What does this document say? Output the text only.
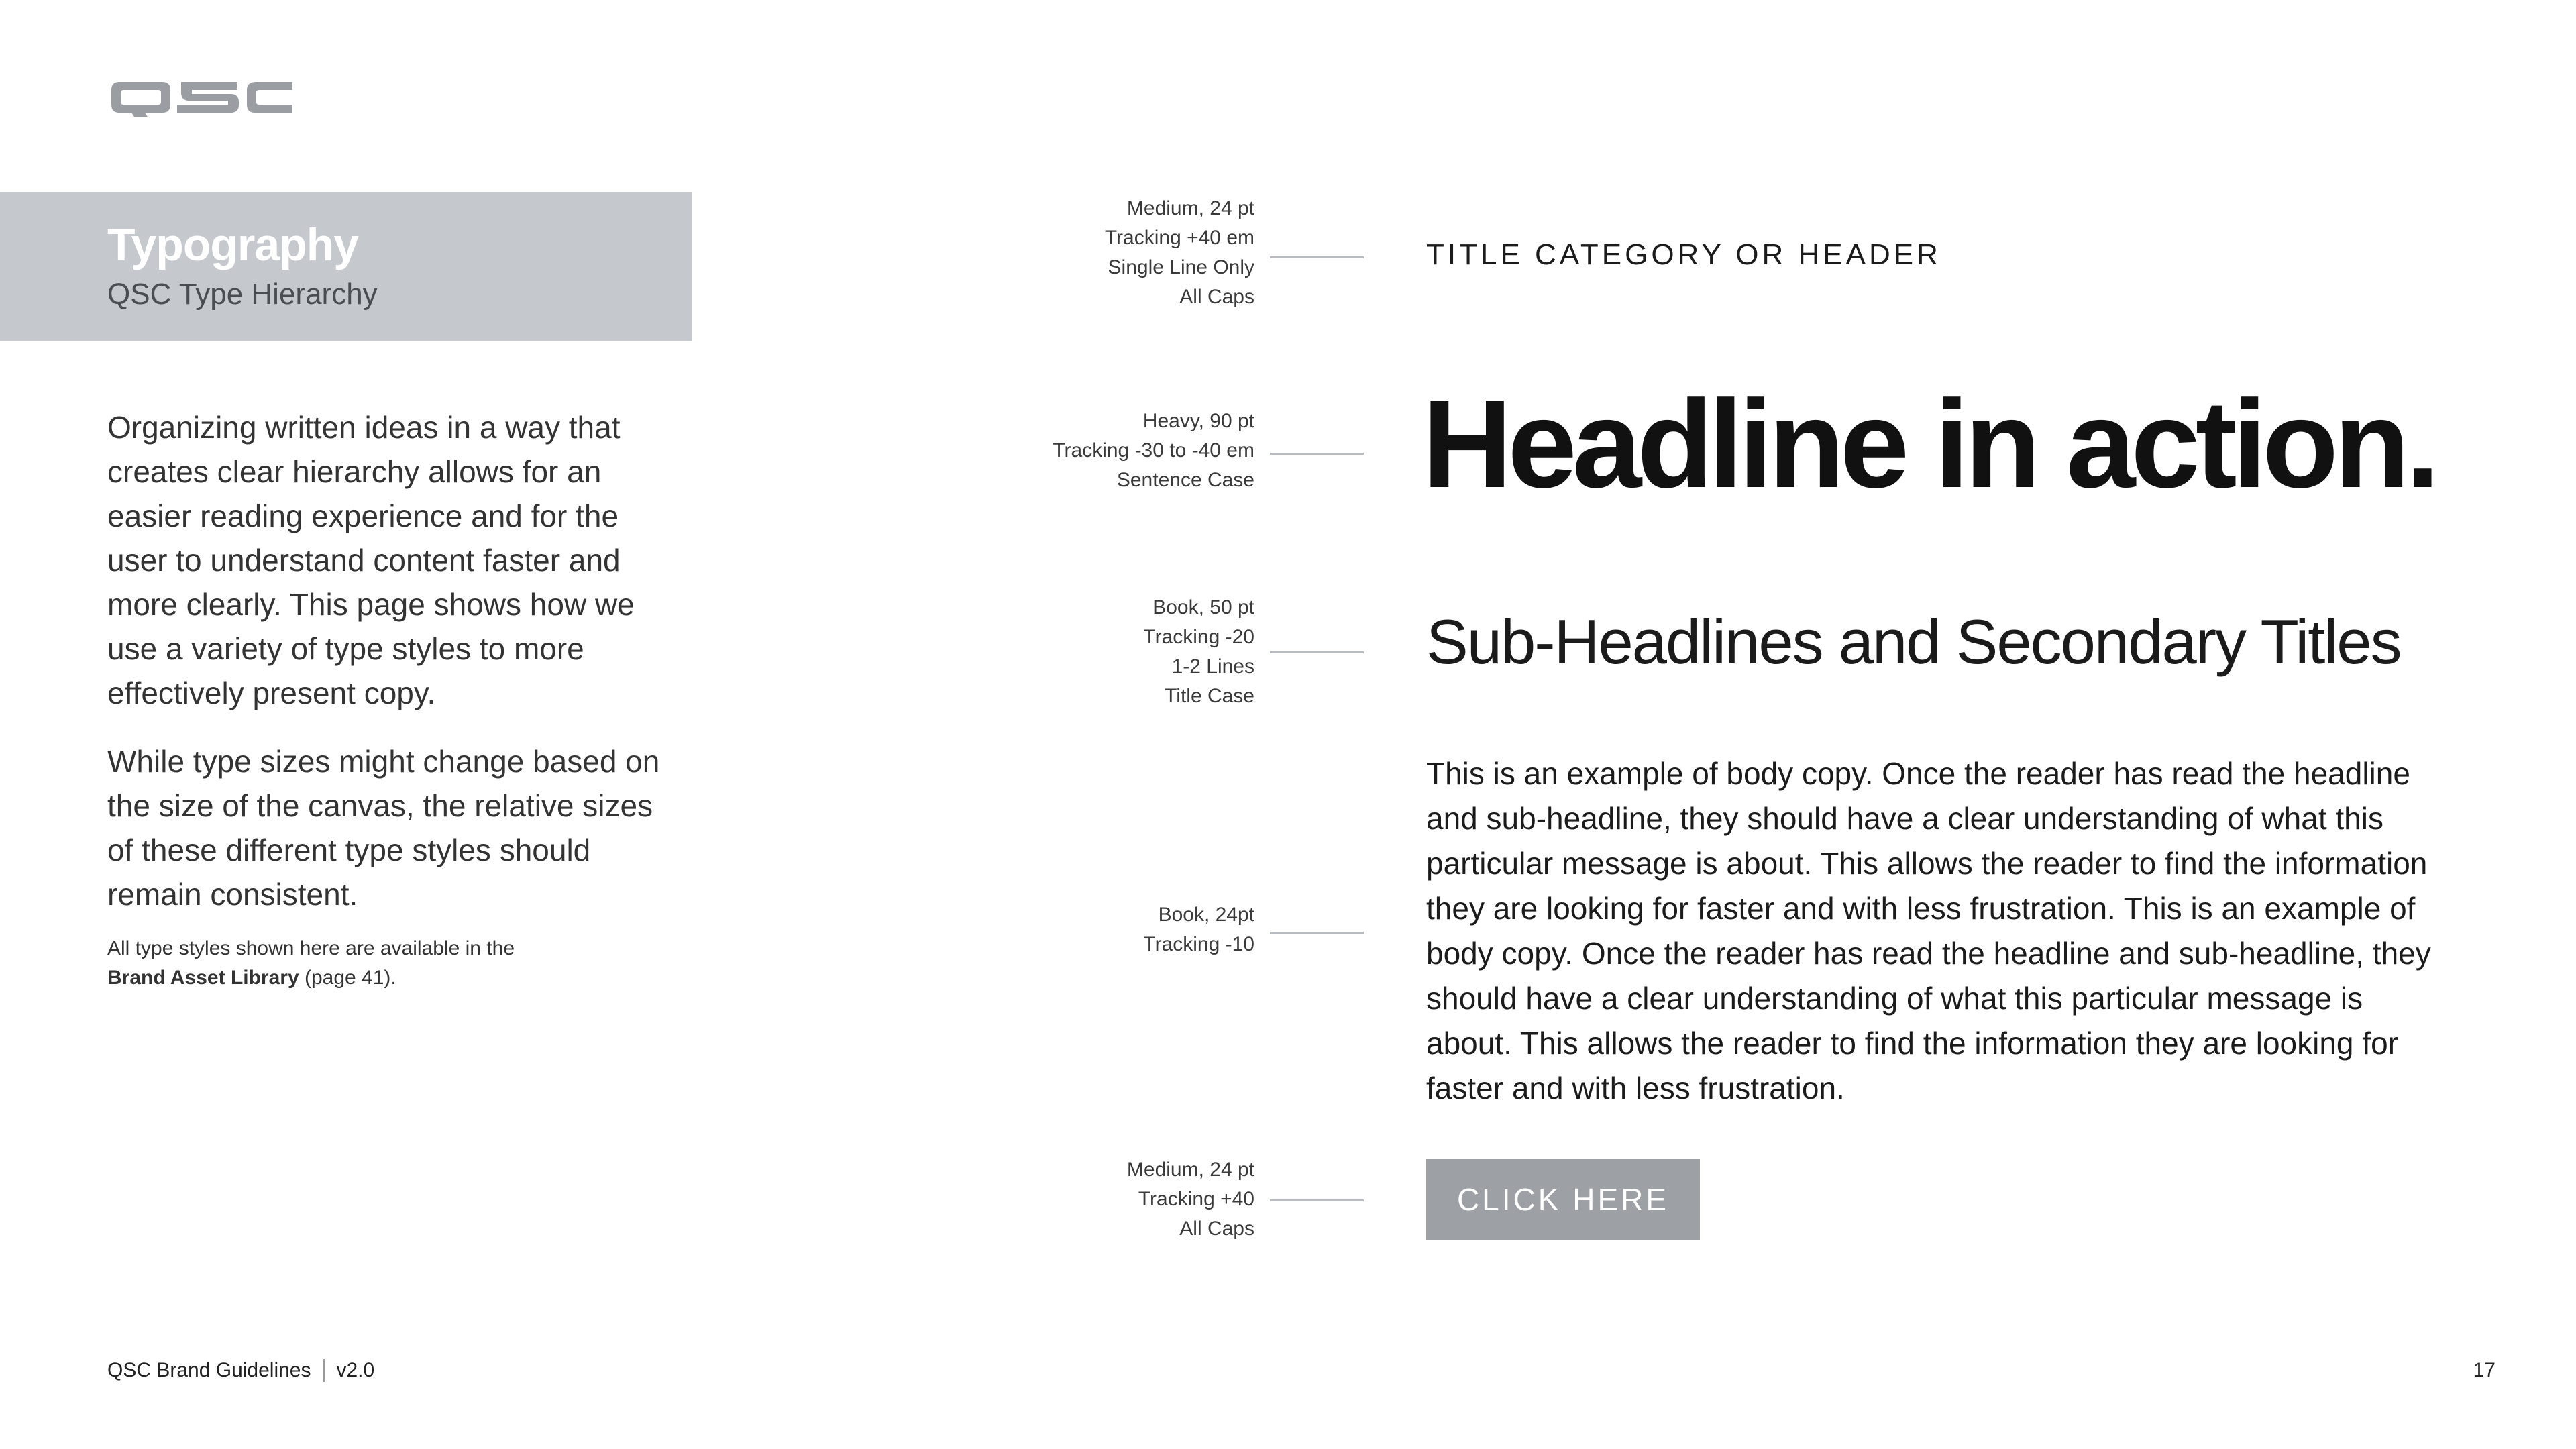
Typography
QSC Type Hierarchy

Organizing written ideas in a way that creates clear hierarchy allows for an easier reading experience and for the user to understand content faster and more clearly. This page shows how we use a variety of type styles to more effectively present copy.

While type sizes might change based on the size of the canvas, the relative sizes of these different type styles should remain consistent.

All type styles shown here are available in the
Brand Asset Library (page 41).

Medium, 24 pt
Tracking +40 em
Single Line Only
All Caps
Heavy, 90 pt
Tracking -30 to -40 em
Sentence Case
Book, 50 pt
Tracking -20
1-2 Lines
Title Case
Book, 24pt
Tracking -10
Medium, 24 pt
Tracking +40
All Caps
TITLE CATEGORY OR HEADER
Headline in action.
Sub-Headlines and Secondary Titles

This is an example of body copy. Once the reader has read the headline and sub-headline, they should have a clear understanding of what this particular message is about. This allows the reader to find the information they are looking for faster and with less frustration. This is an example of body copy. Once the reader has read the headline and sub-headline, they should have a clear understanding of what this particular message is about. This allows the reader to find the information they are looking for faster and with less frustration.

CLICK HERE
QSC Brand Guidelines v2.0	17
